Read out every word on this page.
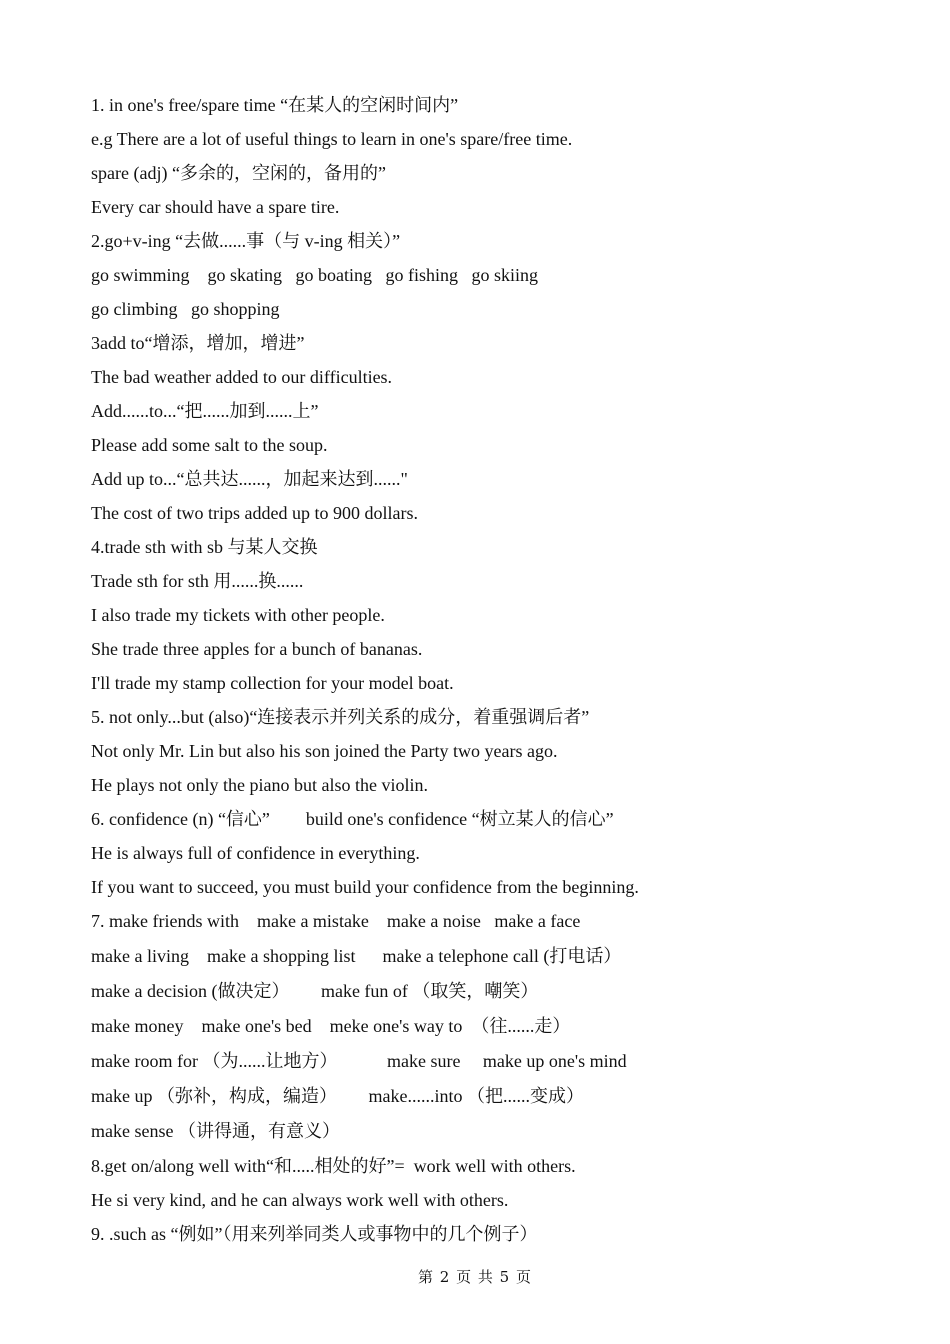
1. in one's free/spare time “在某人的空闲时间内”
e.g There are a lot of useful things to learn in one's spare/free time.
spare (adj) “多余的，空闲的，备用的”
Every car should have a spare tire.
2.go+v-ing “去做......事（与 v-ing 相关）”
go swimming    go skating   go boating   go fishing   go skiing
go climbing   go shopping
3add to“增添，增加，增进”
The bad weather added to our difficulties.
Add......to...“把......加到......上”
Please add some salt to the soup.
Add up to...“总共达......，加起来达到......"
The cost of two trips added up to 900 dollars.
4.trade sth with sb 与某人交换
Trade sth for sth 用......换......
I also trade my tickets with other people.
She trade three apples for a bunch of bananas.
I'll trade my stamp collection for your model boat.
5. not only...but (also)“连接表示并列关系的成分，着重强调后者”
Not only Mr. Lin but also his son joined the Party two years ago.
He plays not only the piano but also the violin.
6. confidence (n) “信心”        build one's confidence “树立某人的信心”
He is always full of confidence in everything.
If you want to succeed, you must build your confidence from the beginning.
7. make friends with    make a mistake    make a noise   make a face
make a living    make a shopping list      make a telephone call (打电话）
make a decision (做决定）       make fun of （取笑，嘲笑）
make money    make one's bed    meke one's way to  （往......走）
make room for （为......让地方）           make sure     make up one's mind
make up （弥补，构成，编造）       make......into （把......变成）
make sense （讲得通，有意义）
8.get on/along well with“和.....相处的好”=  work well with others.
He si very kind, and he can always work well with others.
9. .such as “例如”（用来列举同类人或事物中的几个例子）
第 2 页 共 5 页
